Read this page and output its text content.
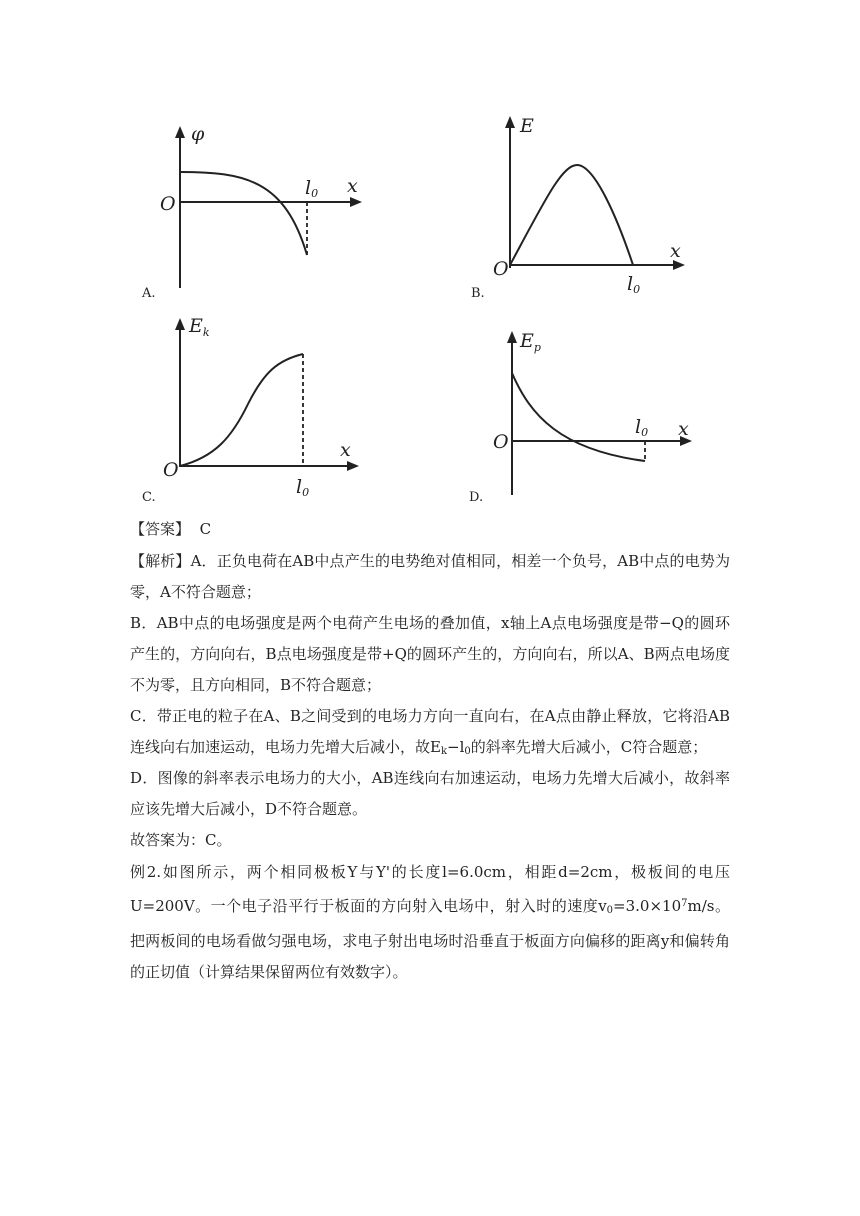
φ
O
x
l0
A.
E
O
x
l0
B.
$E_k$
O
x
l0
C.
$E_p$
O
x
l0
D.
【答案】 C
【解析】A．正负电荷在AB中点产生的电势绝对值相同，相差一个负号，AB中点的电势为零，A不符合题意；
B．AB中点的电场强度是两个电荷产生电场的叠加值，x轴上A点电场强度是带−Q的圆环产生的，方向向右，B点电场强度是带+Q的圆环产生的，方向向右，所以A、B两点电场度不为零，且方向相同，B不符合题意；
C．带正电的粒子在A、B之间受到的电场力方向一直向右，在A点由静止释放，它将沿AB连线向右加速运动，电场力先增大后减小，故Ek−l0的斜率先增大后减小，C符合题意；
D．图像的斜率表示电场力的大小，AB连线向右加速运动，电场力先增大后减小，故斜率应该先增大后减小，D不符合题意。
故答案为：C。
例2.如图所示，两个相同极板Y与Y'的长度l=6.0cm，相距d=2cm，极板间的电压U=200V。一个电子沿平行于板面的方向射入电场中，射入时的速度$v0=3.0\times 10^7m/s$。把两板间的电场看做匀强电场，求电子射出电场时沿垂直于板面方向偏移的距离y和偏转角的正切值（计算结果保留两位有效数字）。
